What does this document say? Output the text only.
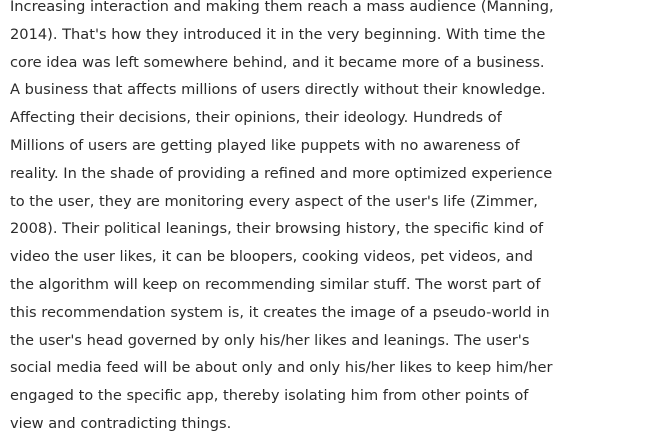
Increasing interaction and making them reach a mass audience (Manning,
2014). That's how they introduced it in the very beginning. With time the
core idea was left somewhere behind, and it became more of a business.
A business that affects millions of users directly without their knowledge.
Affecting their decisions, their opinions, their ideology. Hundreds of
Millions of users are getting played like puppets with no awareness of
reality. In the shade of providing a refined and more optimized experience
to the user, they are monitoring every aspect of the user's life (Zimmer,
2008). Their political leanings, their browsing history, the specific kind of
video the user likes, it can be bloopers, cooking videos, pet videos, and
the algorithm will keep on recommending similar stuff. The worst part of
this recommendation system is, it creates the image of a pseudo-world in
the user's head governed by only his/her likes and leanings. The user's
social media feed will be about only and only his/her likes to keep him/her
engaged to the specific app, thereby isolating him from other points of
view and contradicting things.
